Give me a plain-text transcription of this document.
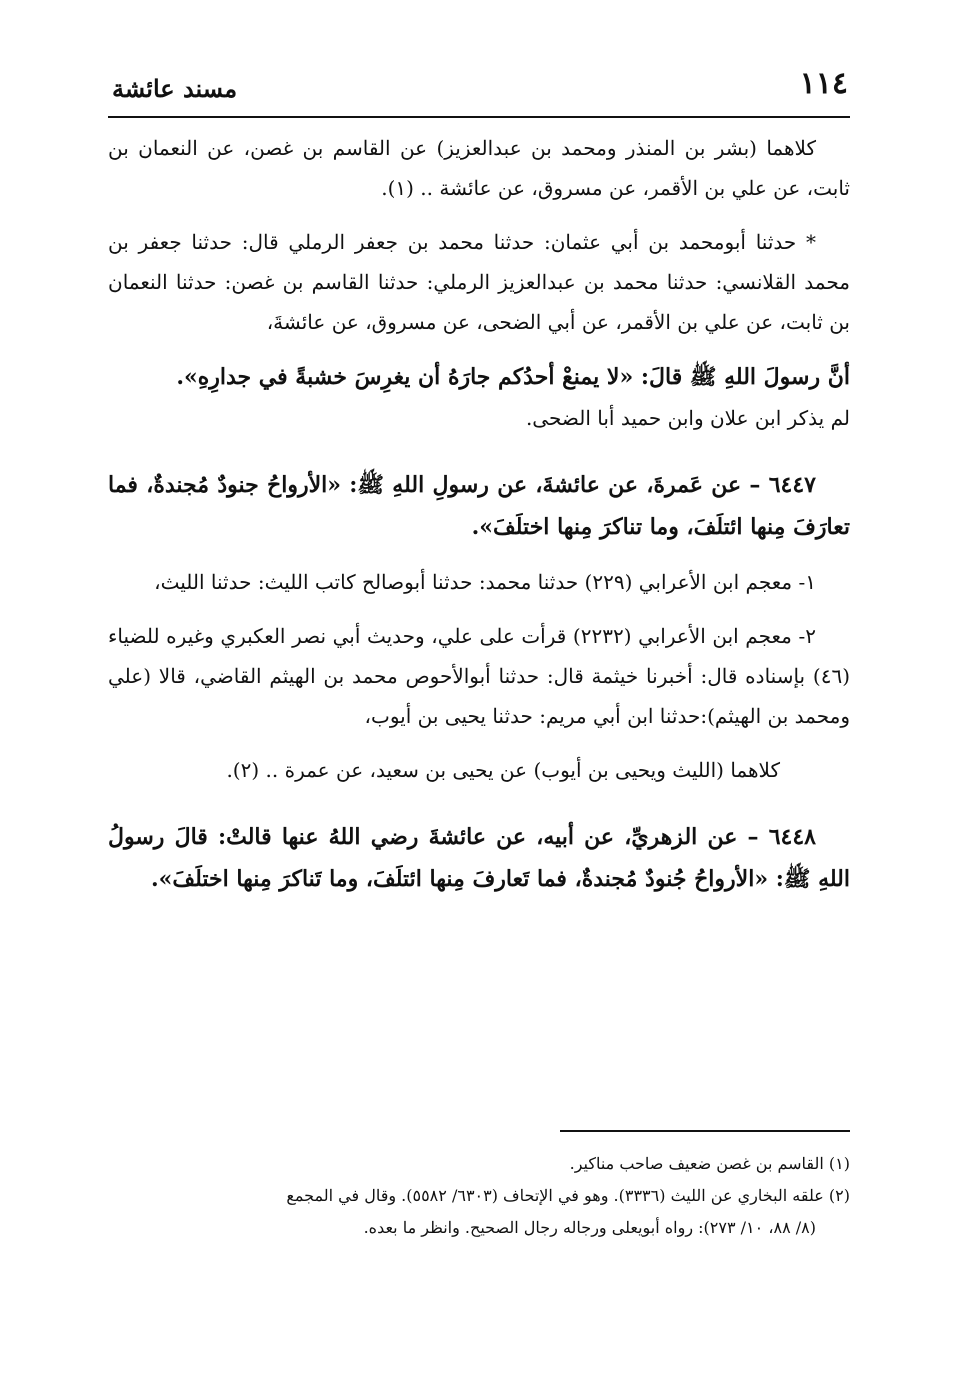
١١٤
مسند عائشة

كلاهما (بشر بن المنذر ومحمد بن عبدالعزيز) عن القاسم بن غصن، عن النعمان بن ثابت، عن علي بن الأقمر، عن مسروق، عن عائشة .. (١).

* حدثنا أبومحمد بن أبي عثمان: حدثنا محمد بن جعفر الرملي قال: حدثنا جعفر بن محمد القلانسي: حدثنا محمد بن عبدالعزيز الرملي: حدثنا القاسم بن غصن: حدثنا النعمان بن ثابت، عن علي بن الأقمر، عن أبي الضحى، عن مسروق، عن عائشةَ،

أنَّ رسولَ اللهِ ﷺ قالَ: «لا يمنعْ أحدُكم جارَهُ أن يغرِسَ خشبةً في جدارِهِ».

لم يذكر ابن علان وابن حميد أبا الضحى.

٦٤٤٧ – عن عَمرةَ، عن عائشةَ، عن رسولِ اللهِ ﷺ: «الأرواحُ جنودٌ مُجندةٌ، فما تعارَفَ مِنها ائتلَفَ، وما تناكرَ مِنها اختلَفَ».

١- معجم ابن الأعرابي (٢٢٩) حدثنا محمد: حدثنا أبوصالح كاتب الليث: حدثنا الليث،

٢- معجم ابن الأعرابي (٢٢٣٢) قرأت على علي، وحديث أبي نصر العكبري وغيره للضياء (٤٦) بإسناده قال: أخبرنا خيثمة قال: حدثنا أبوالأحوص محمد بن الهيثم القاضي، قالا (علي ومحمد بن الهيثم):حدثنا ابن أبي مريم: حدثنا يحيى بن أيوب،

كلاهما (الليث ويحيى بن أيوب) عن يحيى بن سعيد، عن عمرة .. (٢).

٦٤٤٨ – عن الزهريِّ، عن أبيه، عن عائشةَ رضي اللهُ عنها قالتْ: قالَ رسولُ اللهِ ﷺ: «الأرواحُ جُنودٌ مُجندةٌ، فما تَعارفَ مِنها ائتلَفَ، وما تَناكرَ مِنها اختلَفَ».

(١) القاسم بن غصن ضعيف صاحب مناكير.

(٢) علقه البخاري عن الليث (٣٣٣٦). وهو في الإتحاف (٦٣٠٣/ ٥٥٨٢). وقال في المجمع
(٨/ ٨٨، ١٠/ ٢٧٣): رواه أبويعلى ورجاله رجال الصحيح. وانظر ما بعده.
